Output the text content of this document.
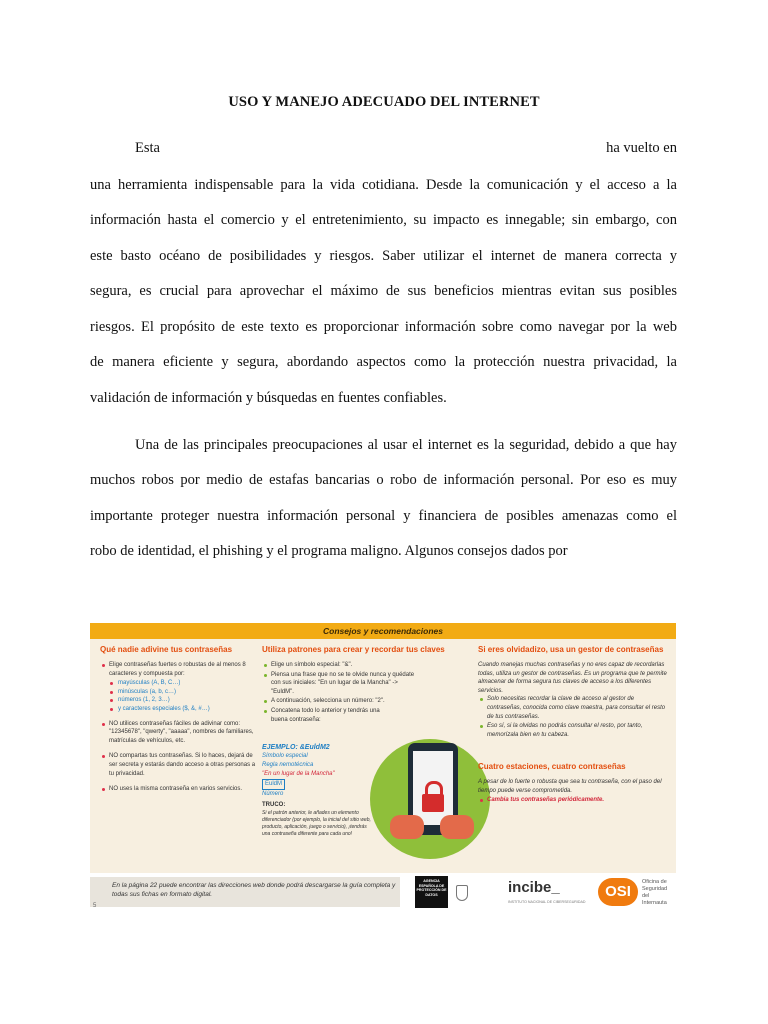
USO Y MANEJO ADECUADO DEL INTERNET
Esta	ha vuelto en
una herramienta indispensable para la vida cotidiana. Desde la comunicación y el acceso a la
información hasta el comercio y el entretenimiento, su impacto es innegable; sin embargo, con
este basto océano de posibilidades y riesgos. Saber utilizar el internet de manera correcta y
segura, es crucial para aprovechar el máximo de sus beneficios mientras evitan sus posibles
riesgos. El propósito de este texto es proporcionar información sobre como navegar por la web
de manera eficiente y segura, abordando aspectos como la protección nuestra privacidad, la
validación de información y búsquedas en fuentes confiables.
Una de las principales preocupaciones al usar el internet es la seguridad, debido a que hay
muchos robos por medio de estafas bancarias o robo de información personal. Por eso es muy
importante proteger nuestra información personal y financiera de posibles amenazas como el
robo de identidad, el phishing y el programa maligno. Algunos consejos dados por
Consejos y recomendaciones
Qué nadie adivine tus contraseñas
Elige contraseñas fuertes o robustas de al menos 8 caracteres y compuesta por:
mayúsculas (A, B, C…)
minúsculas (a, b, c…)
números (1, 2, 3…)
y caracteres especiales ($, &, #…)
NO utilices contraseñas fáciles de adivinar como: "12345678", "qwerty", "aaaaa", nombres de familiares, matrículas de vehículos, etc.
NO compartas tus contraseñas. Si lo haces, dejará de ser secreta y estarás dando acceso a otras personas a tu privacidad.
NO uses la misma contraseña en varios servicios.
Utiliza patrones para crear y recordar tus claves
Elige un símbolo especial: "&".
Piensa una frase que no se te olvide nunca y quédate con sus iniciales: "En un lugar de la Mancha" -> "EuldM".
A continuación, selecciona un número: "2".
Concatena todo lo anterior y tendrás una buena contraseña:
EJEMPLO: &EuldM2
Símbolo especial
Regla nemotécnica
"En un lugar de la Mancha"
EuldM
Número
TRUCO:
Si el patrón anterior, le añades un elemento diferenciador (por ejemplo, la inicial del sitio web, producto, aplicación, juego o servicio), ¡tendrás una contraseña diferente para cada uno!
Si eres olvidadizo, usa un gestor de contraseñas
Cuando manejas muchas contraseñas y no eres capaz de recordarlas todas, utiliza un gestor de contraseñas. Es un programa que te permite almacenar de forma segura tus claves de acceso a los diferentes servicios.
Solo necesitas recordar la clave de acceso al gestor de contraseñas, conocida como clave maestra, para consultar el resto de tus contraseñas.
Eso sí, si la olvidas no podrás consultar el resto, por tanto, memorízala bien en tu cabeza.
Cuatro estaciones, cuatro contraseñas
A pesar de lo fuerte o robusta que sea tu contraseña, con el paso del tiempo puede verse comprometida.
Cambia tus contraseñas periódicamente.
En la página 22 puede encontrar las direcciones web donde podrá descargarse la guía completa y todas sus fichas en formato digital.
5
AGENCIA ESPAÑOLA DE PROTECCIÓN DE DATOS	incibe_
INSTITUTO NACIONAL DE CIBERSEGURIDAD
OSI
Oficina de Seguridad del Internauta
